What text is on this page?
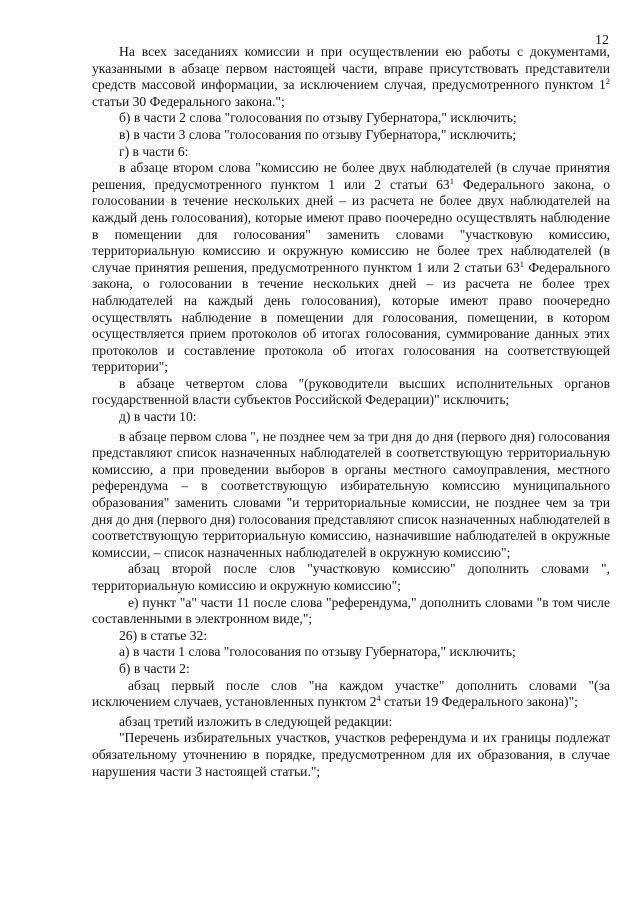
12

На всех заседаниях комиссии и при осуществлении ею работы с документами, указанными в абзаце первом настоящей части, вправе присутствовать представители средств массовой информации, за исключением случая, предусмотренного пунктом $1^2$ статьи 30 Федерального закона.";

б) в части 2 слова "голосования по отзыву Губернатора," исключить;

в) в части 3 слова "голосования по отзыву Губернатора," исключить;

г) в части 6:

в абзаце втором слова "комиссию не более двух наблюдателей (в случае принятия решения, предусмотренного пунктом 1 или 2 статьи $63^1$ Федерального закона, о голосовании в течение нескольких дней – из расчета не более двух наблюдателей на каждый день голосования), которые имеют право поочередно осуществлять наблюдение в помещении для голосования" заменить словами "участковую комиссию, территориальную комиссию и окружную комиссию не более трех наблюдателей (в случае принятия решения, предусмотренного пунктом 1 или 2 статьи $63^1$ Федерального закона, о голосовании в течение нескольких дней – из расчета не более трех наблюдателей на каждый день голосования), которые имеют право поочередно осуществлять наблюдение в помещении для голосования, помещении, в котором осуществляется прием протоколов об итогах голосования, суммирование данных этих протоколов и составление протокола об итогах голосования на соответствующей территории";

в абзаце четвертом слова "(руководители высших исполнительных органов государственной власти субъектов Российской Федерации)" исключить;

д) в части 10:

в абзаце первом слова ", не позднее чем за три дня до дня (первого дня) голосования представляют список назначенных наблюдателей в соответствующую территориальную комиссию, а при проведении выборов в органы местного самоуправления, местного референдума – в соответствующую избирательную комиссию муниципального образования" заменить словами "и территориальные комиссии, не позднее чем за три дня до дня (первого дня) голосования представляют список назначенных наблюдателей в соответствующую территориальную комиссию, назначившие наблюдателей в окружные комиссии, – список назначенных наблюдателей в окружную комиссию";

абзац второй после слов "участковую комиссию" дополнить словами ", территориальную комиссию и окружную комиссию";

е) пункт "а" части 11 после слова "референдума," дополнить словами "в том числе составленными в электронном виде,";

26) в статье 32:

а) в части 1 слова "голосования по отзыву Губернатора," исключить;

б) в части 2:

абзац первый после слов "на каждом участке" дополнить словами "(за исключением случаев, установленных пунктом $2^4$ статьи 19 Федерального закона)";

абзац третий изложить в следующей редакции:

"Перечень избирательных участков, участков референдума и их границы подлежат обязательному уточнению в порядке, предусмотренном для их образования, в случае нарушения части 3 настоящей статьи.";
